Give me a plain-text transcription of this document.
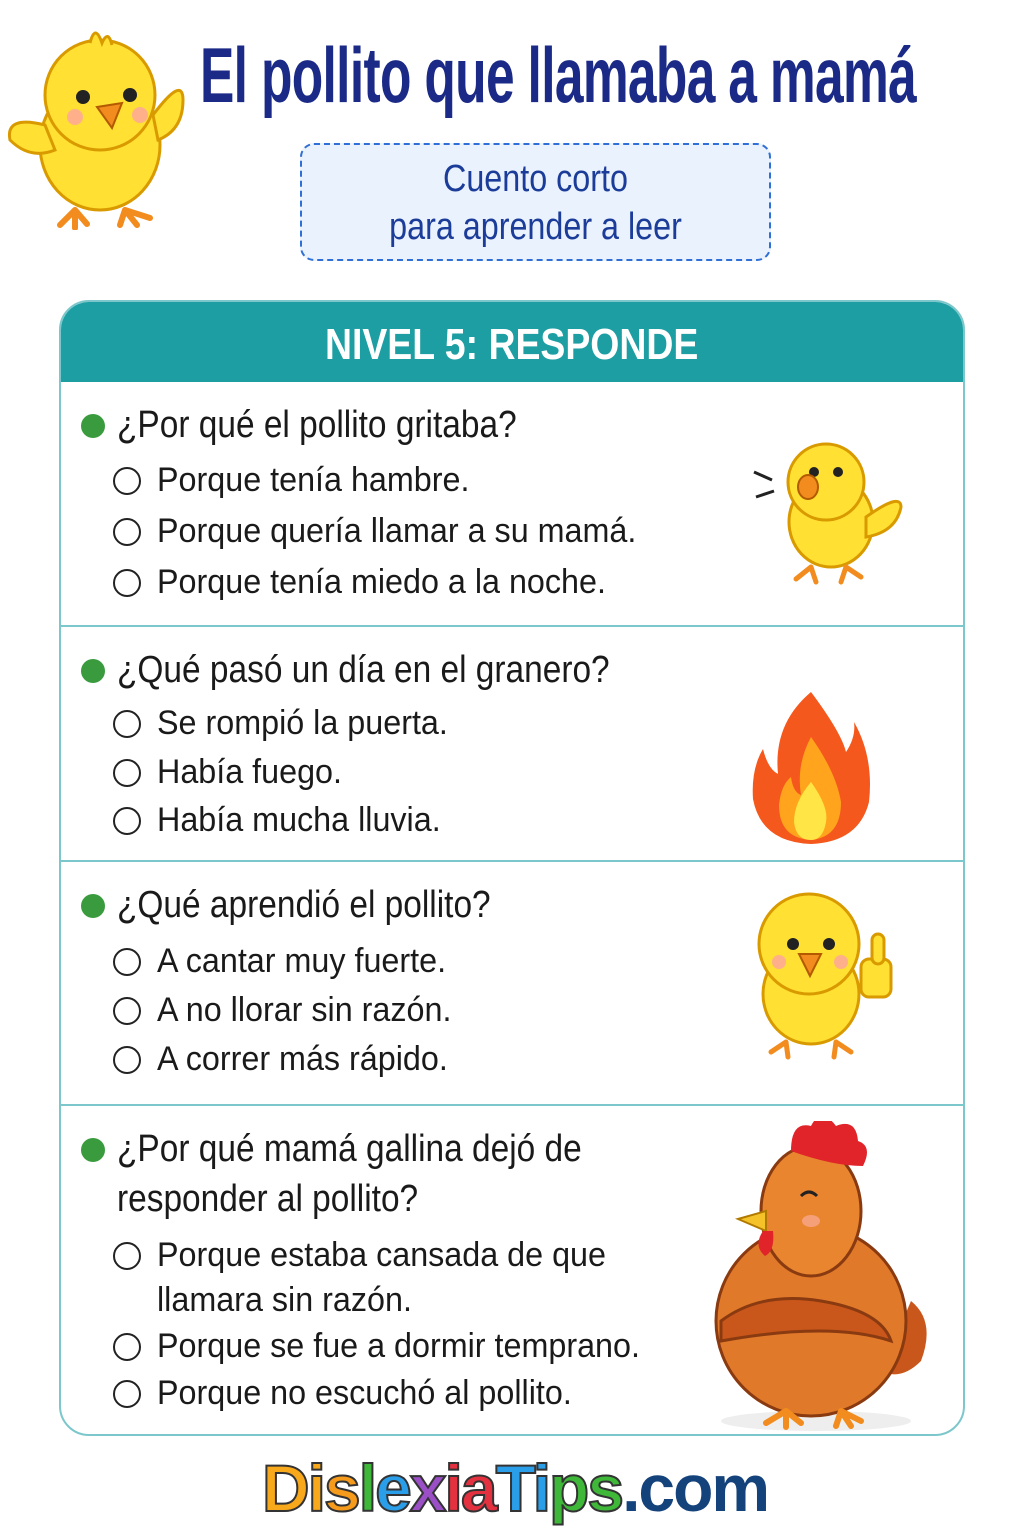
El pollito que llamaba a mamá
Cuento corto
para aprender a leer
NIVEL 5: RESPONDE
¿Por qué el pollito gritaba?
Porque tenía hambre.
Porque quería llamar a su mamá.
Porque tenía miedo a la noche.
¿Qué pasó un día en el granero?
Se rompió la puerta.
Había fuego.
Había mucha lluvia.
¿Qué aprendió el pollito?
A cantar muy fuerte.
A no llorar sin razón.
A correr más rápido.
¿Por qué mamá gallina dejó de
responder al pollito?
Porque estaba cansada de que
llamara sin razón.
Porque se fue a dormir temprano.
Porque no escuchó al pollito.
DislexiaTips.com
